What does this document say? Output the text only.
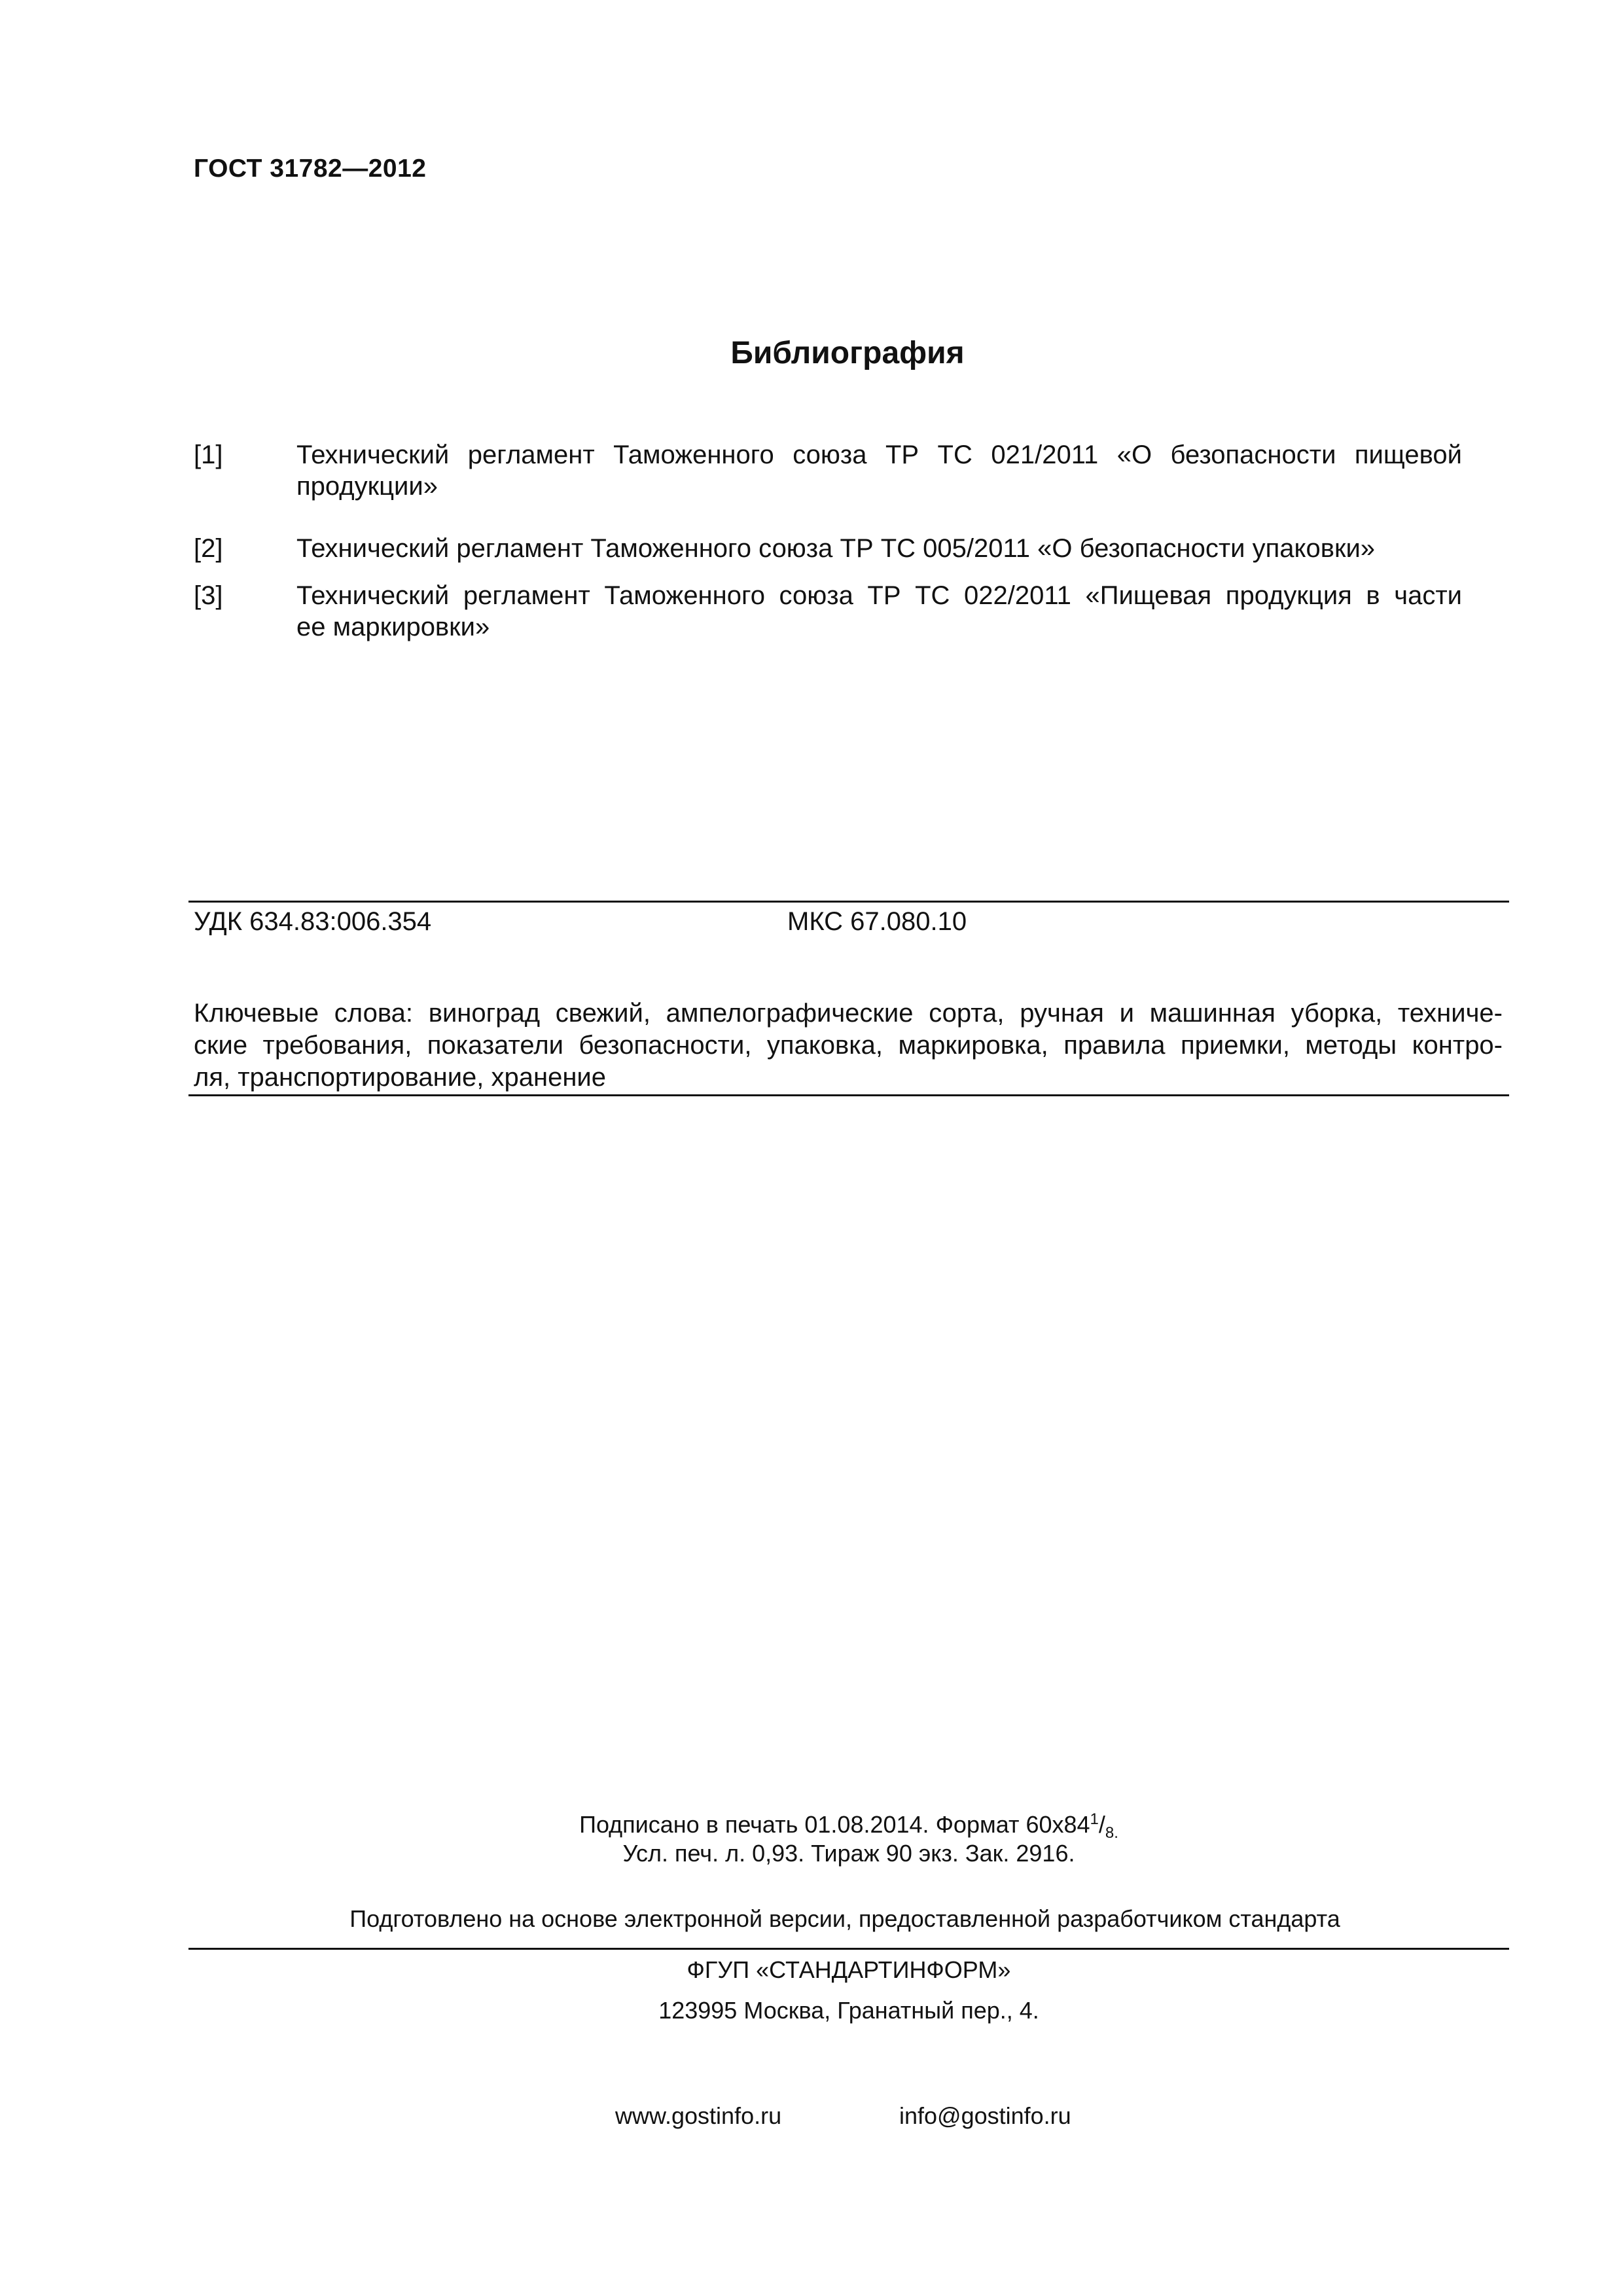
ГОСТ 31782—2012
Библиография
[1]	Технический регламент Таможенного союза ТР ТС 021/2011 «О безопасности пищевой
продукции»
[2]	Технический регламент Таможенного союза ТР ТС 005/2011 «О безопасности упаковки»
[3]	Технический регламент Таможенного союза ТР ТС 022/2011 «Пищевая продукция в части
ее маркировки»
УДК 634.83:006.354	МКС 67.080.10
Ключевые слова: виноград свежий, ампелографические сорта, ручная и машинная уборка, техниче-
ские требования, показатели безопасности, упаковка, маркировка, правила приемки, методы контро-
ля, транспортирование, хранение
Подписано в печать 01.08.2014. Формат $60х84^1/_{8.}$
Усл. печ. л. 0,93. Тираж 90 экз. Зак. 2916.
Подготовлено на основе электронной версии, предоставленной разработчиком стандарта
ФГУП «СТАНДАРТИНФОРМ»
123995 Москва, Гранатный пер., 4.
www.gostinfo.ru	info@gostinfo.ru
